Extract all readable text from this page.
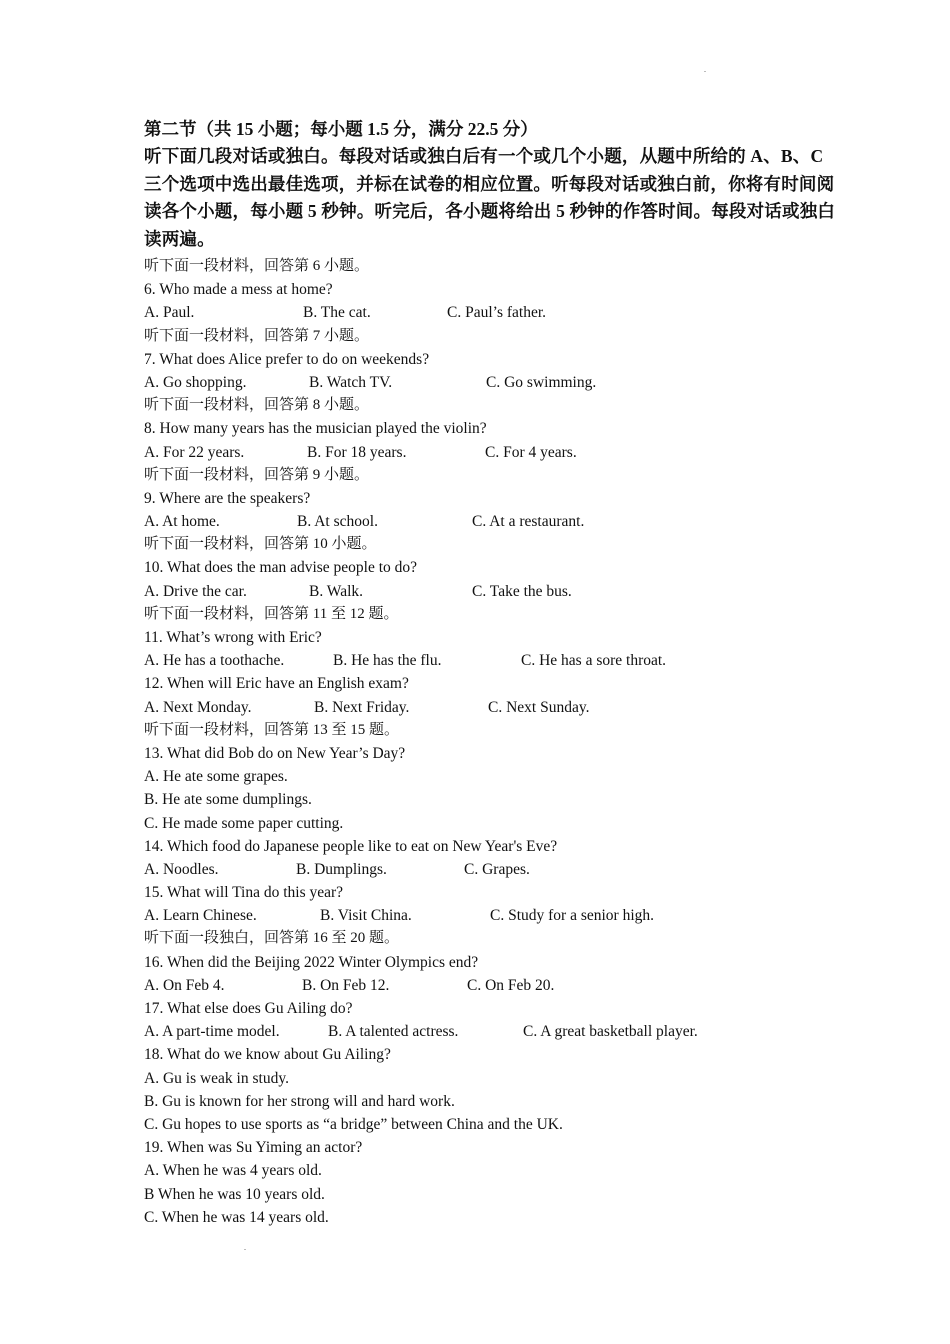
第二节（共 15 小题；每小题 1.5 分，满分 22.5 分）
听下面几段对话或独白。每段对话或独白后有一个或几个小题，从题中所给的 A、B、C 三个选项中选出最佳选项，并标在试卷的相应位置。听每段对话或独白前，你将有时间阅读各个小题，每小题 5 秒钟。听完后，各小题将给出 5 秒钟的作答时间。每段对话或独白读两遍。
听下面一段材料，回答第 6 小题。
6. Who made a mess at home?
A. Paul.	B. The cat.	C. Paul’s father.
听下面一段材料，回答第 7 小题。
7. What does Alice prefer to do on weekends?
A. Go shopping.	B. Watch TV.	C. Go swimming.
听下面一段材料，回答第 8 小题。
8. How many years has the musician played the violin?
A. For 22 years.	B. For 18 years.	C. For 4 years.
听下面一段材料，回答第 9 小题。
9. Where are the speakers?
A. At home.	B. At school.	C. At a restaurant.
听下面一段材料，回答第 10 小题。
10. What does the man advise people to do?
A. Drive the car.	B. Walk.	C. Take the bus.
听下面一段材料，回答第 11 至 12 题。
11. What’s wrong with Eric?
A. He has a toothache.	B. He has the flu.	C. He has a sore throat.
12. When will Eric have an English exam?
A. Next Monday.	B. Next Friday.	C. Next Sunday.
听下面一段材料，回答第 13 至 15 题。
13. What did Bob do on New Year’s Day?
A. He ate some grapes.
B. He ate some dumplings.
C. He made some paper cutting.
14. Which food do Japanese people like to eat on New Year's Eve?
A. Noodles.	B. Dumplings.	C. Grapes.
15. What will Tina do this year?
A. Learn Chinese.	B. Visit China.	C. Study for a senior high.
听下面一段独白，回答第 16 至 20 题。
16. When did the Beijing 2022 Winter Olympics end?
A. On Feb 4.	B. On Feb 12.	C. On Feb 20.
17. What else does Gu Ailing do?
A. A part-time model.	B. A talented actress.	C. A great basketball player.
18. What do we know about Gu Ailing?
A. Gu is weak in study.
B. Gu is known for her strong will and hard work.
C. Gu hopes to use sports as “a bridge” between China and the UK.
19. When was Su Yiming an actor?
A. When he was 4 years old.
B When he was 10 years old.
C. When he was 14 years old.
